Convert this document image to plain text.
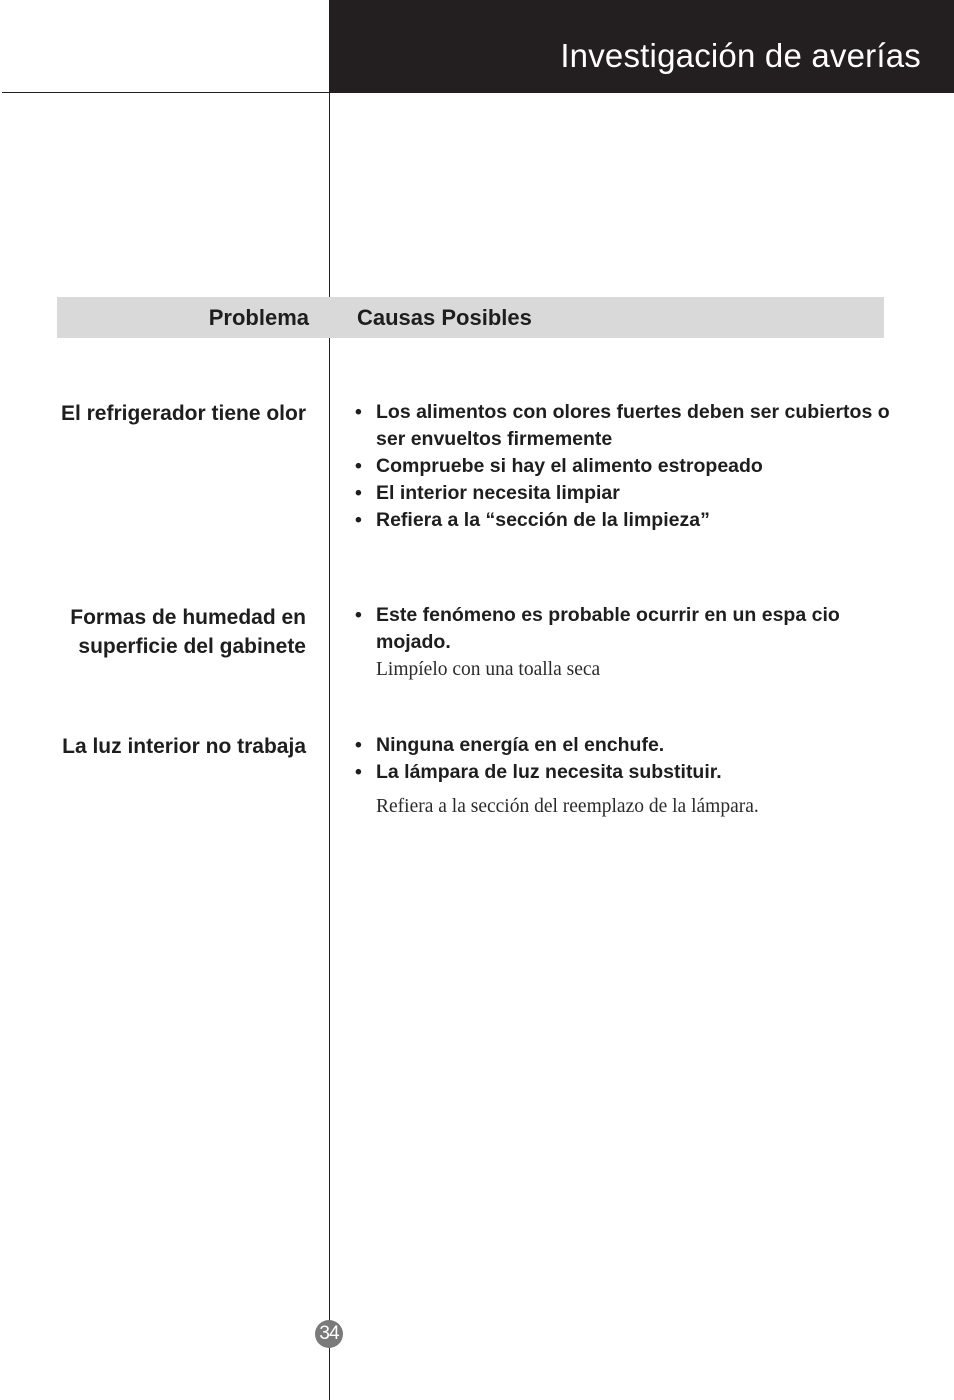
Investigación de averías
Problema Causas Posibles
El refrigerador tiene olor	• Los alimentos con olores fuertes deben ser cubiertos o ser envueltos firmemente
• Compruebe si hay el alimento estropeado
• El interior necesita limpiar
• Refiera a la “sección de la limpieza”
Formas de humedad en superficie del gabinete
• Este fenómeno es probable ocurrir en un espa cio mojado.
Limpíelo con una toalla seca
La luz interior no trabaja	• Ninguna energía en el enchufe.
• La lámpara de luz necesita substituir.
Refiera a la sección del reemplazo de la lámpara.
34
